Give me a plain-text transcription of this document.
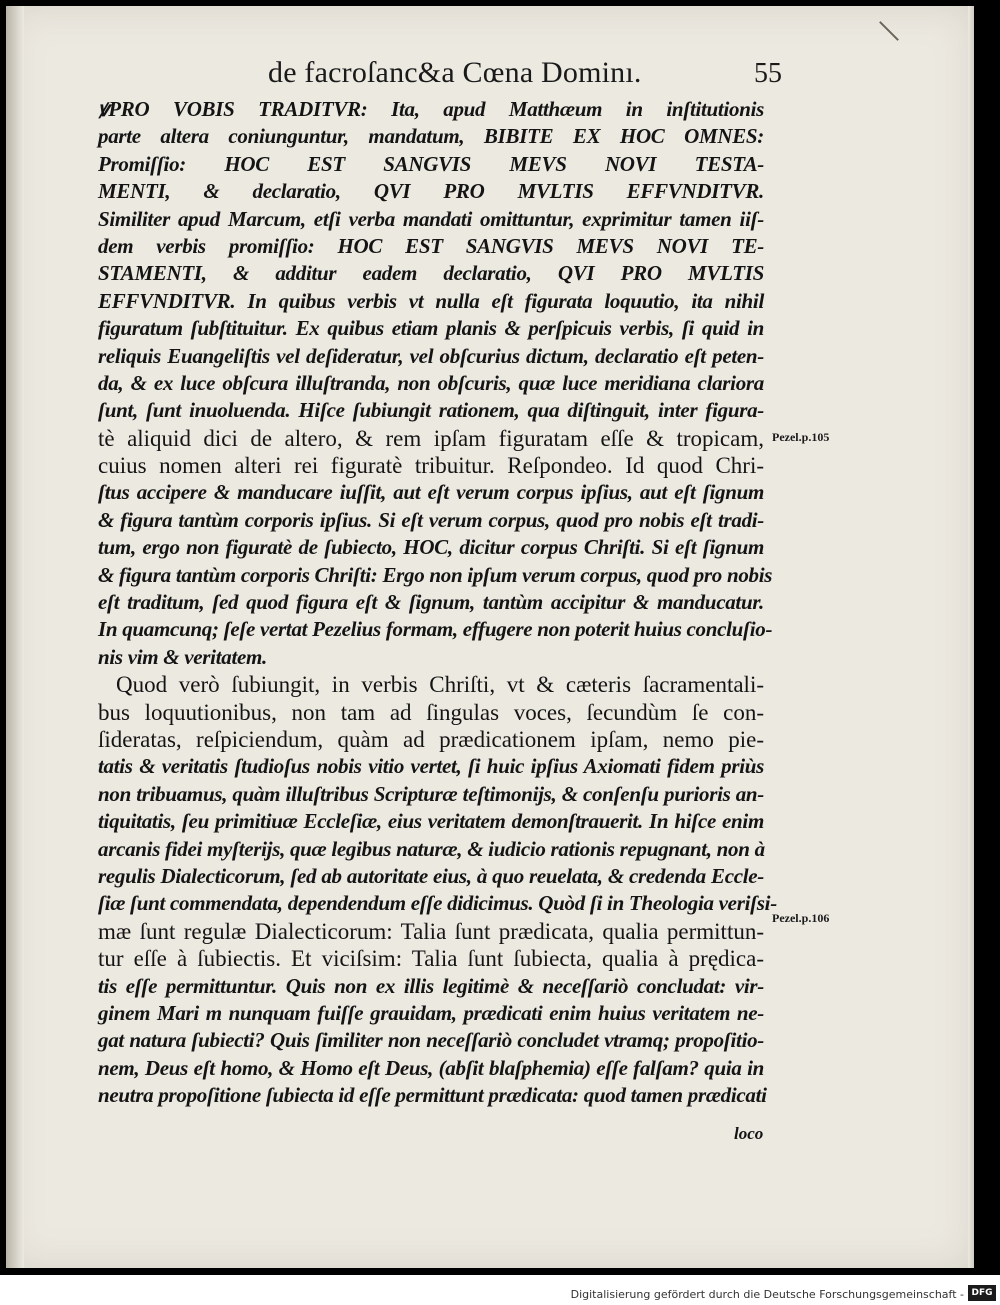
de facroſanc&a Cœna Dominı.	55
ꝟPRO VOBIS TRADITVR: Ita, apud Matthæum in inſtitutionis
parte altera coniunguntur, mandatum, BIBITE EX HOC OMNES:
Promiſſio: HOC EST SANGVIS MEVS NOVI TESTA-
MENTI, & declaratio, QVI PRO MVLTIS EFFVNDITVR.
Similiter apud Marcum, etſi verba mandati omittuntur, exprimitur tamen iiſ-
dem verbis promiſſio: HOC EST SANGVIS MEVS NOVI TE-
STAMENTI, & additur eadem declaratio, QVI PRO MVLTIS
EFFVNDITVR. In quibus verbis vt nulla eſt figurata loquutio, ita nihil
figuratum ſubſtituitur. Ex quibus etiam planis & perſpicuis verbis, ſi quid in
reliquis Euangeliſtis vel deſideratur, vel obſcurius dictum, declaratio eſt peten-
da, & ex luce obſcura illuſtranda, non obſcuris, quæ luce meridiana clariora
ſunt, ſunt inuoluenda. Hiſce ſubiungit rationem, qua diſtinguit, inter figura-
tè aliquid dici de altero, & rem ipſam figuratam eſſe & tropicam,
cuius nomen alteri rei figuratè tribuitur. Reſpondeo. Id quod Chri-
ſtus accipere & manducare iuſſit, aut eſt verum corpus ipſius, aut eſt ſignum
& figura tantùm corporis ipſius. Si eſt verum corpus, quod pro nobis eſt tradi-
tum, ergo non figuratè de ſubiecto, HOC, dicitur corpus Chriſti. Si eſt ſignum
& figura tantùm corporis Chriſti: Ergo non ipſum verum corpus, quod pro nobis
eſt traditum, ſed quod figura eſt & ſignum, tantùm accipitur & manducatur.
In quamcunq; ſeſe vertat Pezelius formam, effugere non poterit huius concluſio-
nis vim & veritatem.
Quod verò ſubiungit, in verbis Chriſti, vt & cæteris ſacramentali-
bus loquutionibus, non tam ad ſingulas voces, ſecundùm ſe con-
ſideratas, reſpiciendum, quàm ad prædicationem ipſam, nemo pie-
tatis & veritatis ſtudioſus nobis vitio vertet, ſi huic ipſius Axiomati fidem priùs
non tribuamus, quàm illuſtribus Scripturæ teſtimonijs, & conſenſu purioris an-
tiquitatis, ſeu primitiuæ Eccleſiæ, eius veritatem demonſtrauerit. In hiſce enim
arcanis fidei myſterijs, quæ legibus naturæ, & iudicio rationis repugnant, non à
regulis Dialecticorum, ſed ab autoritate eius, à quo reuelata, & credenda Eccle-
ſiæ ſunt commendata, dependendum eſſe didicimus. Quòd ſi in Theologia veriſsi-
mæ ſunt regulæ Dialecticorum: Talia ſunt prædicata, qualia permittun-
tur eſſe à ſubiectis. Et viciſsim: Talia ſunt ſubiecta, qualia à prędica-
tis eſſe permittuntur. Quis non ex illis legitimè & neceſſariò concludat: vir-
ginem Mari m nunquam fuiſſe grauidam, prædicati enim huius veritatem ne-
gat natura ſubiecti? Quis ſimiliter non neceſſariò concludet vtramq; propoſitio-
nem, Deus eſt homo, & Homo eſt Deus, (abſit blaſphemia) eſſe falſam? quia in
neutra propoſitione ſubiecta id eſſe permittunt prædicata: quod tamen prædicati
Pezel.p.105
Pezel.p.106
loco
Digitalisierung gefördert durch die Deutsche Forschungsgemeinschaft - DFG
